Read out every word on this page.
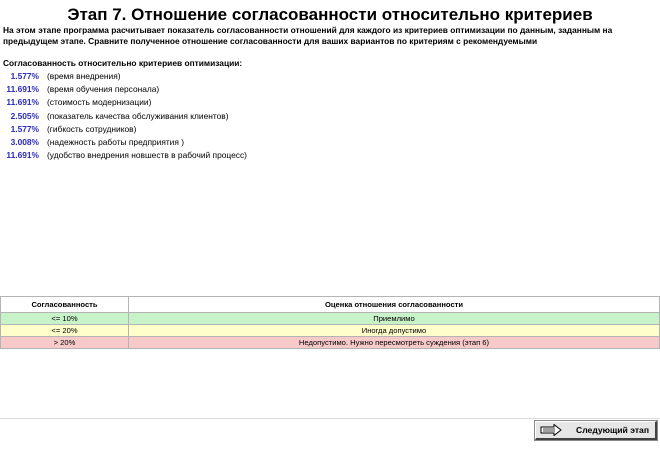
Этап 7. Отношение согласованности относительно критериев
На этом этапе программа расчитывает показатель согласованности отношений для каждого из критериев оптимизации по данным, заданным на предыдущем этапе. Сравните полученное отношение согласованности для ваших вариантов по критериям с рекомендуемыми
Согласованность относительно критериев оптимизации:
1.577% (время внедрения)
11.691% (время обучения персонала)
11.691% (стоимость модернизации)
2.505% (показатель качества обслуживания клиентов)
1.577% (гибкость сотрудников)
3.008% (надежность работы предприятия )
11.691% (удобство внедрения новшеств в рабочий процесс)
Согласованность	Оценка отношения согласованности
<= 10%	Приемлимо
<= 20%	Иногда допустимо
> 20%	Недопустимо. Нужно пересмотреть суждения (этап 6)
Следующий этап
